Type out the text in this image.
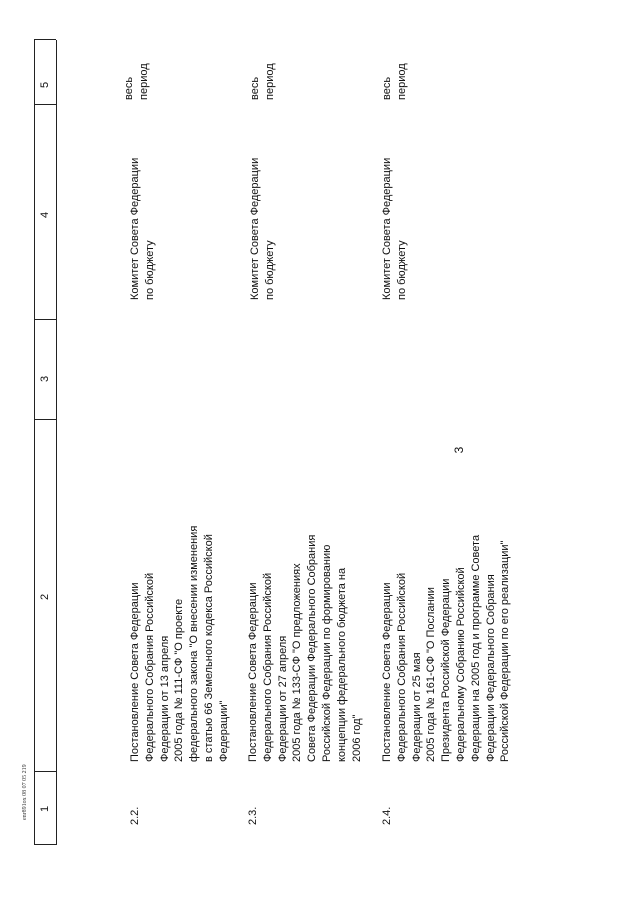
1
2
3
4
5
2.2.
Постановление Совета Федерации
Федерального Собрания Российской
Федерации от 13 апреля
2005 года № 111-СФ "О проекте
федерального закона "О внесении изменения
в статью 66 Земельного кодекса Российской
Федерации"
Комитет Совета Федерации
по бюджету
весь
период
2.3.
Постановление Совета Федерации
Федерального Собрания Российской
Федерации от 27 апреля
2005 года № 133-СФ "О предложениях
Совета Федерации Федерального Собрания
Российской Федерации по формированию
концепции федерального бюджета на
2006 год"
Комитет Совета Федерации
по бюджету
весь
период
2.4.
Постановление Совета Федерации
Федерального Собрания Российской
Федерации от 25 мая
2005 года № 161-СФ "О Послании
Президента Российской Федерации
Федеральному Собранию Российской
Федерации на 2005 год и программе Совета
Федерации Федерального Собрания
Российской Федерации по его реализации"
Комитет Совета Федерации
по бюджету
весь
период
3
enr891ox 08 07 05 219
